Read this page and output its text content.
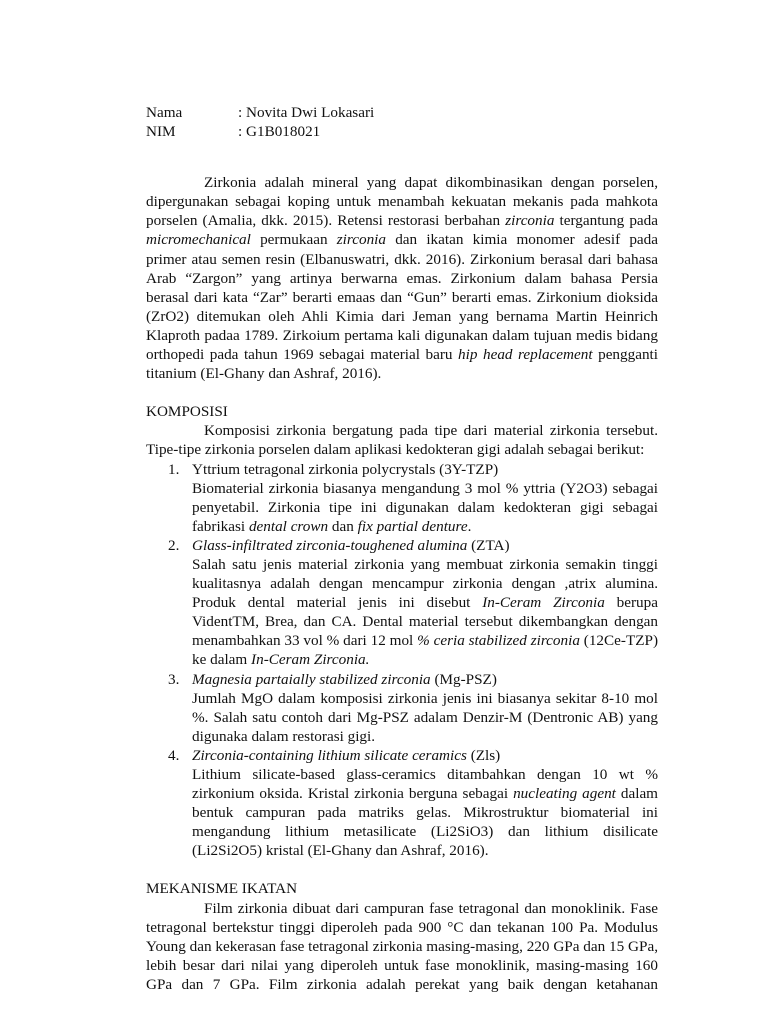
Nama	: Novita Dwi Lokasari
NIM	: G1B018021

Zirkonia adalah mineral yang dapat dikombinasikan dengan porselen, dipergunakan sebagai koping untuk menambah kekuatan mekanis pada mahkota porselen (Amalia, dkk. 2015). Retensi restorasi berbahan zirconia tergantung pada micromechanical permukaan zirconia dan ikatan kimia monomer adesif pada primer atau semen resin (Elbanuswatri, dkk. 2016). Zirkonium berasal dari bahasa Arab “Zargon” yang artinya berwarna emas. Zirkonium dalam bahasa Persia berasal dari kata “Zar” berarti emaas dan “Gun” berarti emas. Zirkonium dioksida (ZrO2) ditemukan oleh Ahli Kimia dari Jeman yang bernama Martin Heinrich Klaproth padaa 1789. Zirkoium pertama kali digunakan dalam tujuan medis bidang orthopedi pada tahun 1969 sebagai material baru hip head replacement pengganti titanium (El-Ghany dan Ashraf, 2016).

KOMPOSISI

Komposisi zirkonia bergatung pada tipe dari material zirkonia tersebut. Tipe-tipe zirkonia porselen dalam aplikasi kedokteran gigi adalah sebagai berikut:

1. Yttrium tetragonal zirkonia polycrystals (3Y-TZP)

Biomaterial zirkonia biasanya mengandung 3 mol % yttria (Y2O3) sebagai penyetabil. Zirkonia tipe ini digunakan dalam kedokteran gigi sebagai fabrikasi dental crown dan fix partial denture.

2. Glass-infiltrated zirconia-toughened alumina (ZTA)

Salah satu jenis material zirkonia yang membuat zirkonia semakin tinggi kualitasnya adalah dengan mencampur zirkonia dengan ,atrix alumina. Produk dental material jenis ini disebut In-Ceram Zirconia berupa VidentTM, Brea, dan CA. Dental material tersebut dikembangkan dengan menambahkan 33 vol % dari 12 mol % ceria stabilized zirconia (12Ce-TZP) ke dalam In-Ceram Zirconia.

3. Magnesia partaially stabilized zirconia (Mg-PSZ)

Jumlah MgO dalam komposisi zirkonia jenis ini biasanya sekitar 8-10 mol %. Salah satu contoh dari Mg-PSZ adalam Denzir-M (Dentronic AB) yang digunaka dalam restorasi gigi.

4. Zirconia-containing lithium silicate ceramics (Zls)

Lithium silicate-based glass-ceramics ditambahkan dengan 10 wt % zirkonium oksida. Kristal zirkonia berguna sebagai nucleating agent dalam bentuk campuran pada matriks gelas. Mikrostruktur biomaterial ini mengandung lithium metasilicate (Li2SiO3) dan lithium disilicate (Li2Si2O5) kristal (El-Ghany dan Ashraf, 2016).

MEKANISME IKATAN

Film zirkonia dibuat dari campuran fase tetragonal dan monoklinik. Fase tetragonal bertekstur tinggi diperoleh pada 900 °C dan tekanan 100 Pa. Modulus Young dan kekerasan fase tetragonal zirkonia masing-masing, 220 GPa dan 15 GPa, lebih besar dari nilai yang diperoleh untuk fase monoklinik, masing-masing 160 GPa dan 7 GPa. Film zirkonia adalah perekat yang baik dengan ketahanan
